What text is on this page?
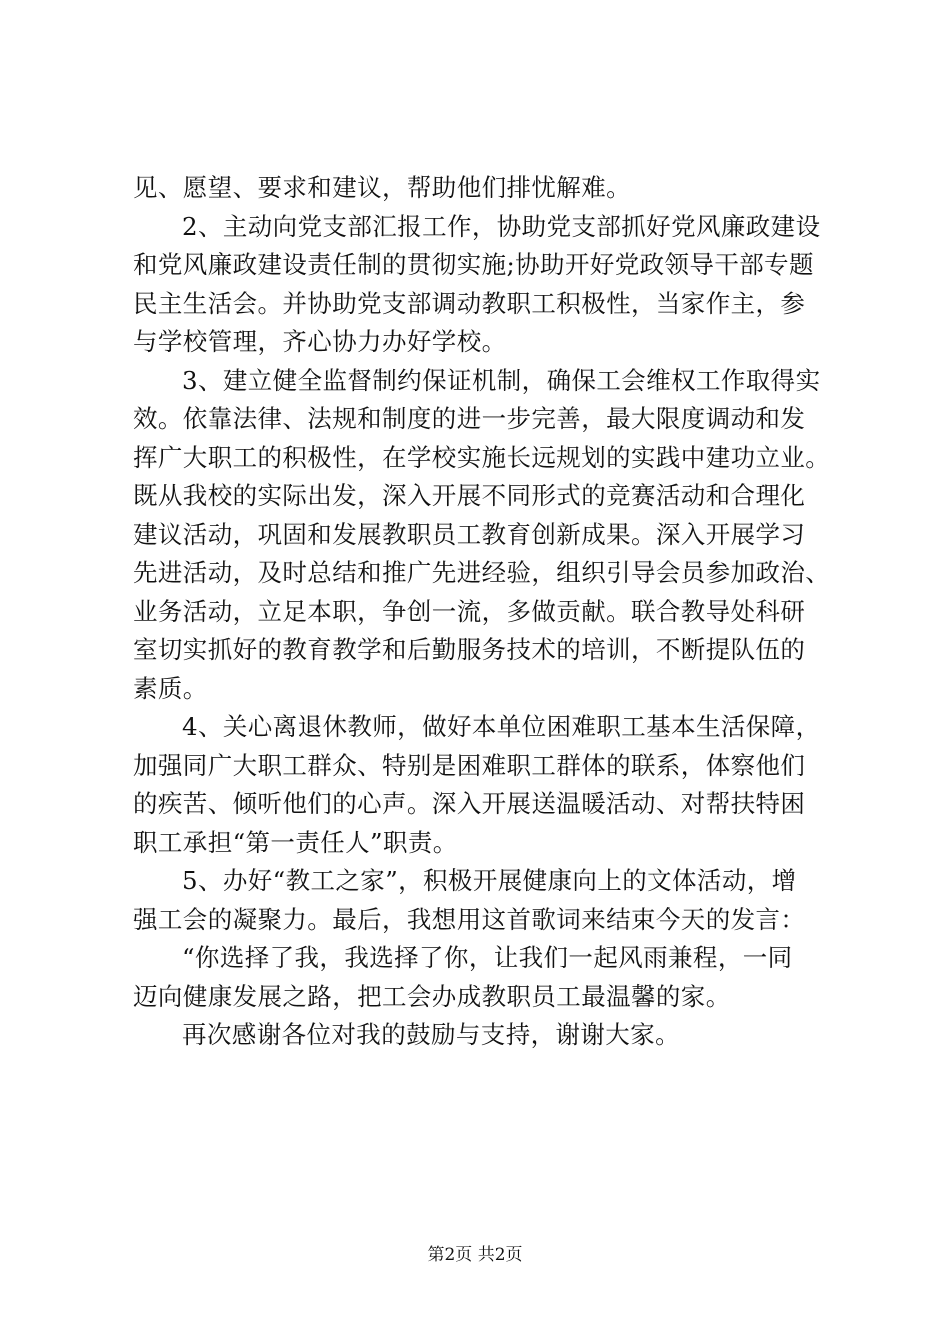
见、愿望、要求和建议，帮助他们排忧解难。
2、主动向党支部汇报工作，协助党支部抓好党风廉政建设
和党风廉政建设责任制的贯彻实施;协助开好党政领导干部专题
民主生活会。并协助党支部调动教职工积极性，当家作主，参
与学校管理，齐心协力办好学校。
3、建立健全监督制约保证机制，确保工会维权工作取得实
效。依靠法律、法规和制度的进一步完善，最大限度调动和发
挥广大职工的积极性，在学校实施长远规划的实践中建功立业。
既从我校的实际出发，深入开展不同形式的竞赛活动和合理化
建议活动，巩固和发展教职员工教育创新成果。深入开展学习
先进活动，及时总结和推广先进经验，组织引导会员参加政治、
业务活动，立足本职，争创一流，多做贡献。联合教导处科研
室切实抓好的教育教学和后勤服务技术的培训，不断提队伍的
素质。
4、关心离退休教师，做好本单位困难职工基本生活保障，
加强同广大职工群众、特别是困难职工群体的联系，体察他们
的疾苦、倾听他们的心声。深入开展送温暖活动、对帮扶特困
职工承担“第一责任人”职责。
5、办好“教工之家”，积极开展健康向上的文体活动，增
强工会的凝聚力。最后，我想用这首歌词来结束今天的发言：
“你选择了我，我选择了你，让我们一起风雨兼程，一同
迈向健康发展之路，把工会办成教职员工最温馨的家。
再次感谢各位对我的鼓励与支持，谢谢大家。
第2页 共2页
